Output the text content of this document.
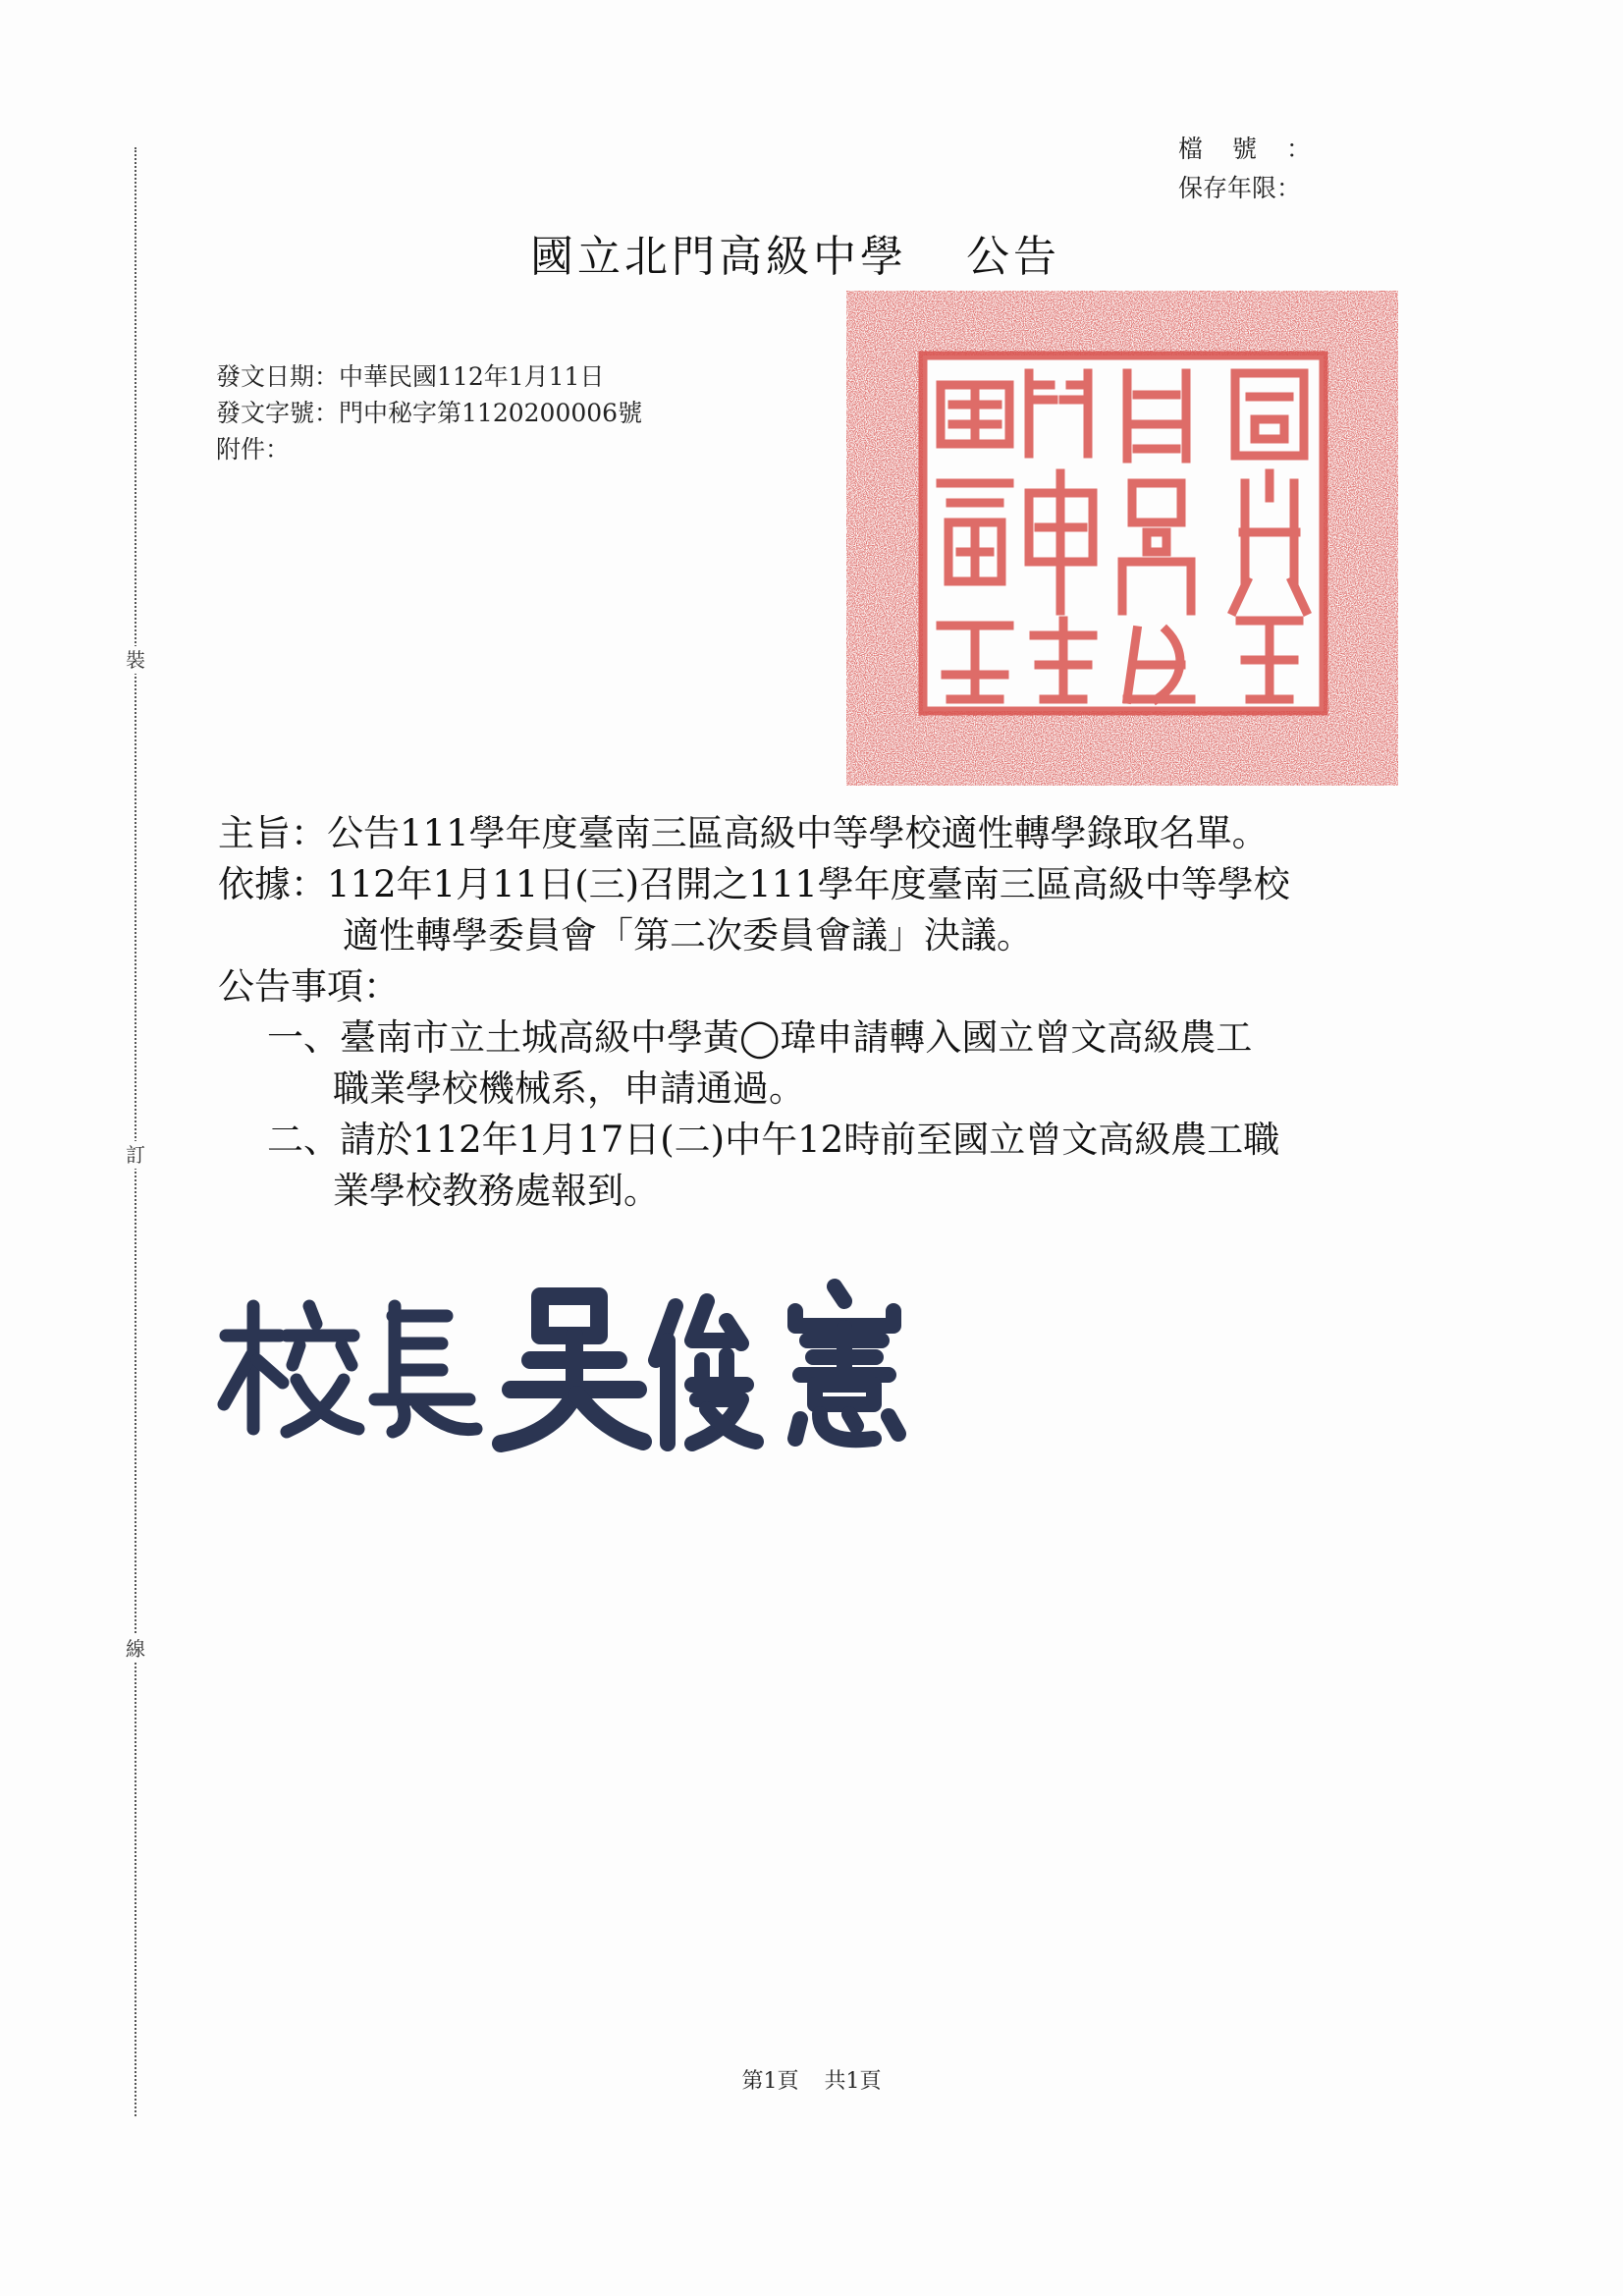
裝
訂
線
檔號：
保存年限：
國立北門高級中學 公告
發文日期：中華民國112年1月11日
發文字號：門中秘字第1120200006號
附件：
主旨：公告111學年度臺南三區高級中等學校適性轉學錄取名單。
依據：112年1月11日(三)召開之111學年度臺南三區高級中等學校
適性轉學委員會「第二次委員會議」決議。
公告事項：
一、臺南市立土城高級中學黃◯瑋申請轉入國立曾文高級農工
職業學校機械系，申請通過。
二、請於112年1月17日(二)中午12時前至國立曾文高級農工職
業學校教務處報到。
第1頁 共1頁
